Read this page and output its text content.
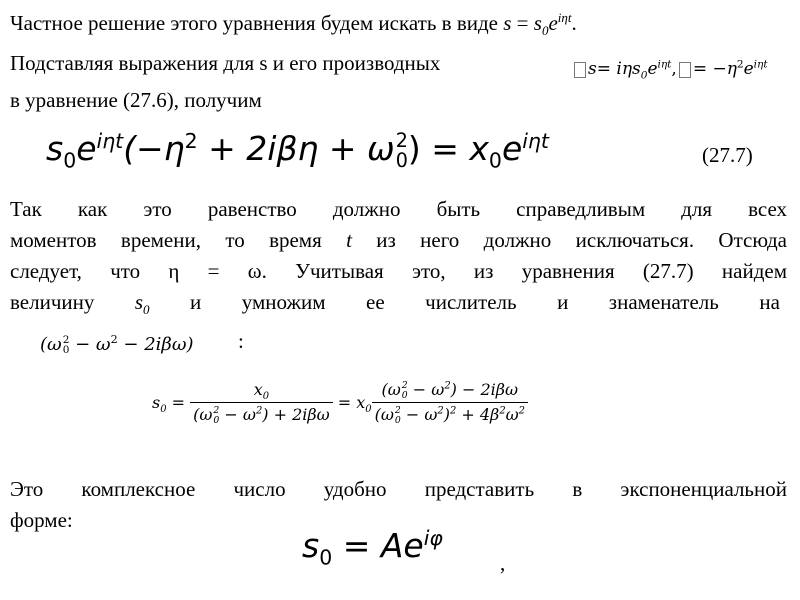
Частное решение этого уравнения будем искать в виде $s = s_0e^{i\eta t}$.
Подставляя выражения для s и его производных	$s= i\eta s_0e^{i\eta t}$, = $-\eta^2e^{i\eta t}$
в уравнение (27.6), получим
$s_0e^{i\eta t}(-\eta^2 + 2i\beta\eta + \omega$ 2
0 ) = $x_0e^{i\eta t}$
(27.7)
Так как это равенство должно быть справедливым для всех
моментов времени, то время t из него должно исключаться. Отсюда
следует, что η = ω. Учитывая это, из уравнения (27.7) найдем
величину $s_0$ и умножим ее числитель и знаменатель на
(ω 2
$0 - \omega^2 - 2i\beta\omega$) :
$s_0 = x_0$
(ω 2
$0 - \omega^2) + 2i\beta\omega = x_0$ (ω 2
$0 - \omega^2) - 2i\beta\omega$
(ω 2
$0 - \omega^2)^2 + 4\beta^2\omega^2$
Это комплексное число удобно представить в экспоненциальной
форме:
$s_0 = Ae^{i\varphi}$
,
